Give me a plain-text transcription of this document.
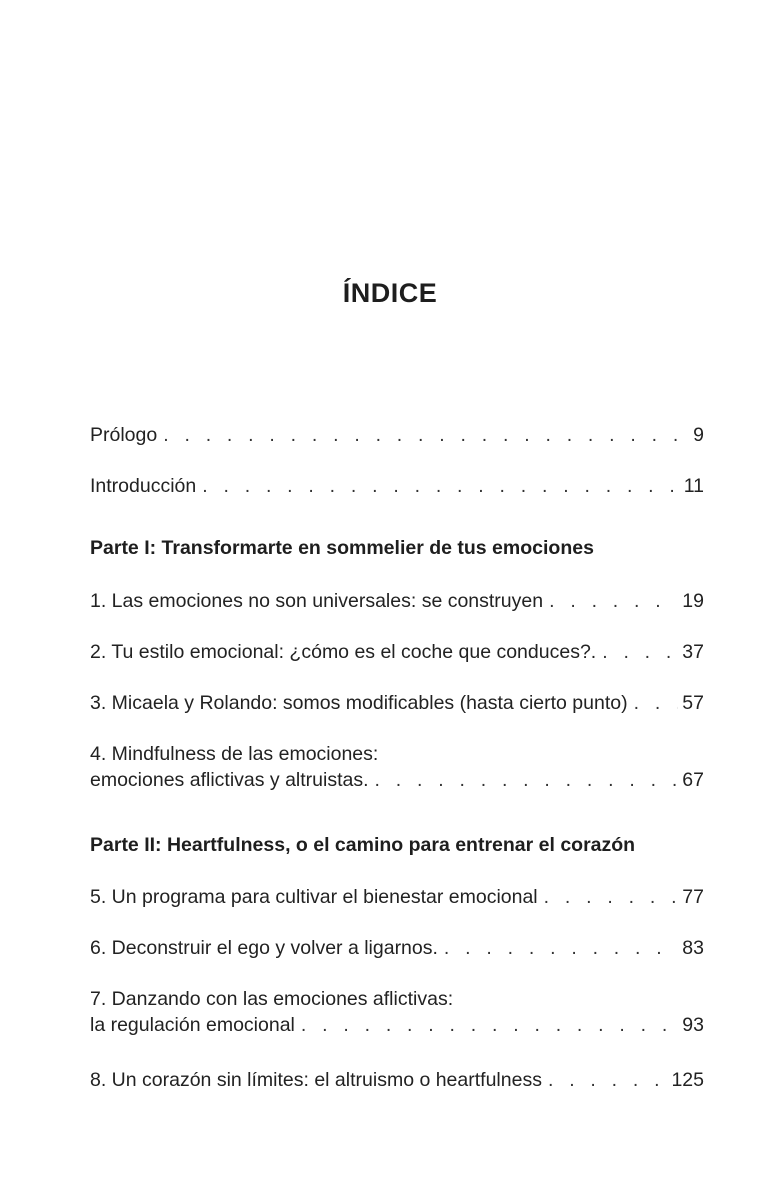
ÍNDICE
Prólogo . . .	9
Introducción . . .	11
Parte I: Transformarte en sommelier de tus emociones
1. Las emociones no son universales: se construyen . . .	19
2. Tu estilo emocional: ¿cómo es el coche que conduces?. . . .	37
3. Micaela y Rolando: somos modificables (hasta cierto punto) . . .	57
4. Mindfulness de las emociones:
emociones aflictivas y altruistas. . . .	67
Parte II: Heartfulness, o el camino para entrenar el corazón
5. Un programa para cultivar el bienestar emocional . . .	77
6. Deconstruir el ego y volver a ligarnos. . . .	83
7. Danzando con las emociones aflictivas:
la regulación emocional . . .	93
8. Un corazón sin límites: el altruismo o heartfulness . . .	125
